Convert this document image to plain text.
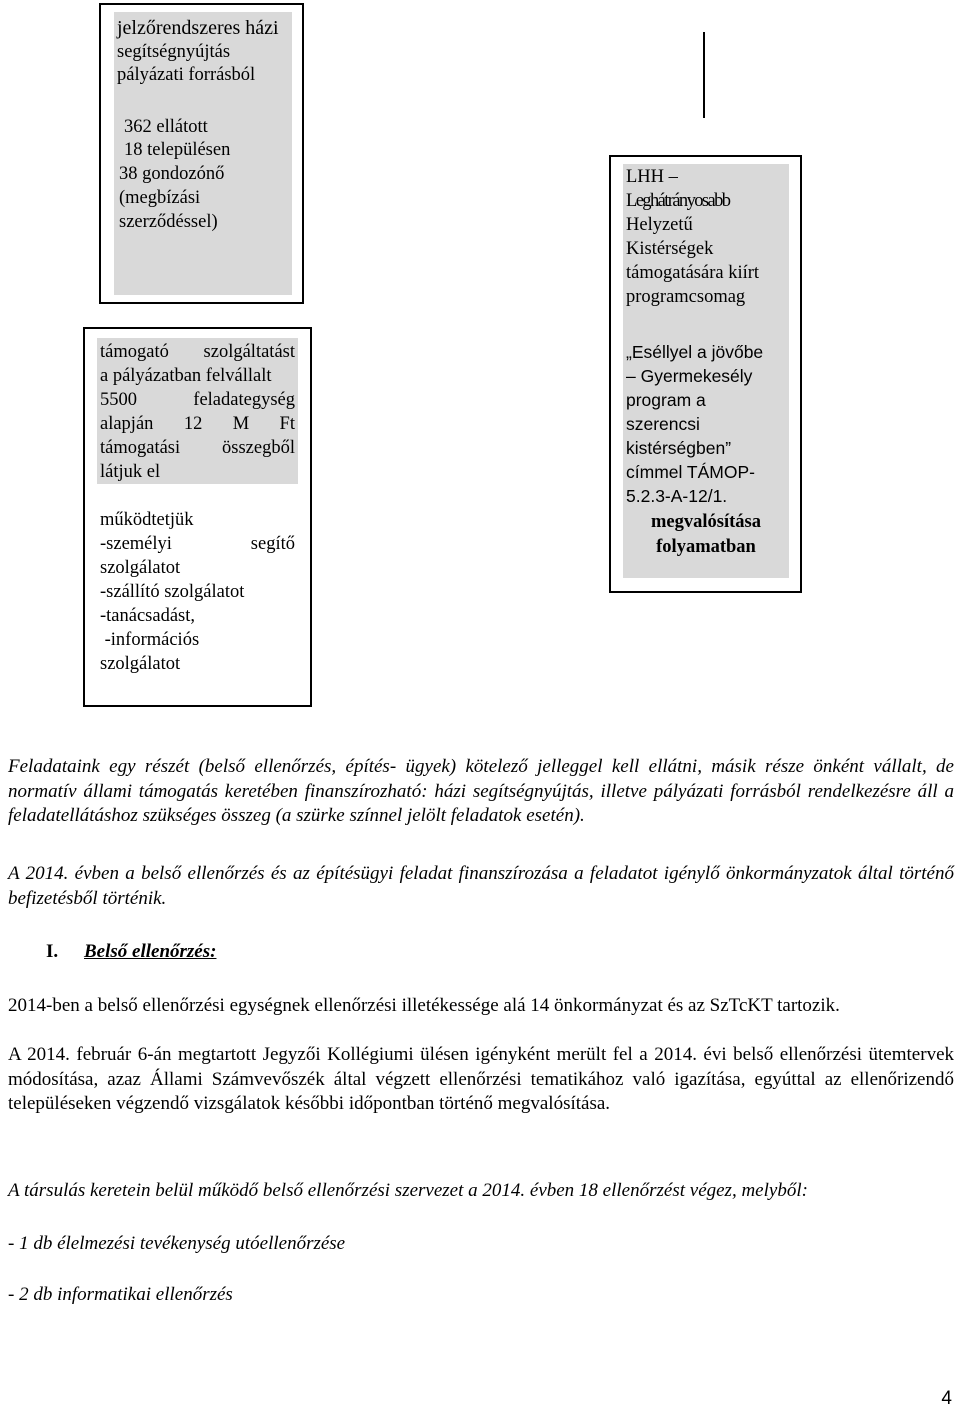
jelzőrendszeres házi
segítségnyújtás
pályázati forrásból
362 ellátott
18 településen
38 gondozónő
(megbízási
szerződéssel)
támogató szolgáltatást
a pályázatban felvállalt
5500	feladategység
alapján 12 M Ft
támogatási összegből
látjuk el
működtetjük
-személyi	segítő
szolgálatot
-szállító szolgálatot
-tanácsadást,
-információs
szolgálatot
LHH –
Leghátrányosabb
Helyzetű
Kistérségek
támogatására kiírt
programcsomag
„Eséllyel a jövőbe
– Gyermekesély
program a
szerencsi
kistérségben”
címmel TÁMOP-
5.2.3-A-12/1.
megvalósítása
folyamatban

Feladataink egy részét (belső ellenőrzés, építés- ügyek) kötelező jelleggel kell ellátni, másik része önként vállalt, de normatív állami támogatás keretében finanszírozható: házi segítségnyújtás, illetve pályázati forrásból rendelkezésre áll a feladatellátáshoz szükséges összeg (a szürke színnel jelölt feladatok esetén).

A 2014. évben a belső ellenőrzés és az építésügyi feladat finanszírozása a feladatot igénylő önkormányzatok által történő befizetésből történik.

I. Belső ellenőrzés:

2014-ben a belső ellenőrzési egységnek ellenőrzési illetékessége alá 14 önkormányzat és az SzTcKT tartozik.

A 2014. február 6-án megtartott Jegyzői Kollégiumi ülésen igényként merült fel a 2014. évi belső ellenőrzési ütemtervek módosítása, azaz Állami Számvevőszék által végzett ellenőrzési tematikához való igazítása, egyúttal az ellenőrizendő településeken végzendő vizsgálatok későbbi időpontban történő megvalósítása.

A társulás keretein belül működő belső ellenőrzési szervezet a 2014. évben 18 ellenőrzést végez, melyből:

- 1 db élelmezési tevékenység utóellenőrzése

- 2 db informatikai ellenőrzés

4
